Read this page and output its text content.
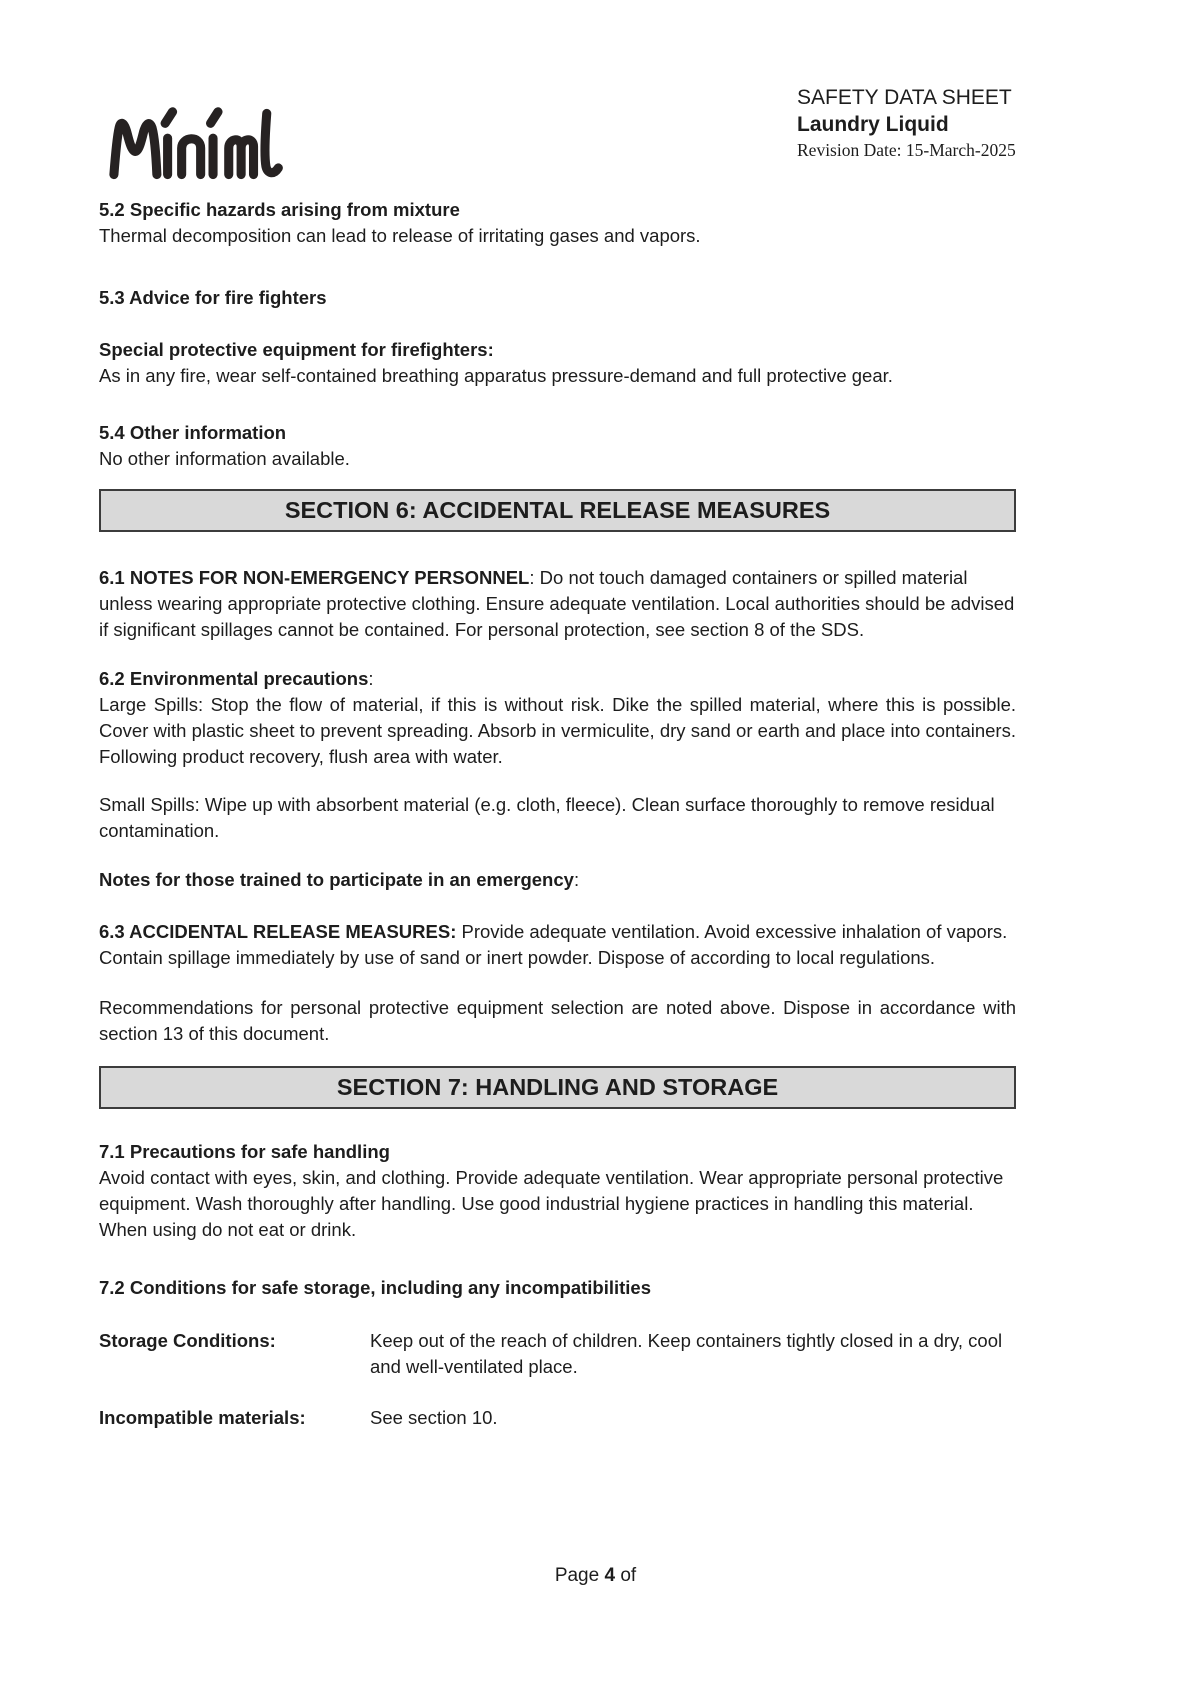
SAFETY DATA SHEET
Laundry Liquid
Revision Date: 15-March-2025
5.2 Specific hazards arising from mixture

Thermal decomposition can lead to release of irritating gases and vapors.

5.3 Advice for fire fighters
Special protective equipment for firefighters:

As in any fire, wear self-contained breathing apparatus pressure-demand and full protective gear.

5.4 Other information

No other information available.

SECTION 6: ACCIDENTAL RELEASE MEASURES

6.1 NOTES FOR NON-EMERGENCY PERSONNEL: Do not touch damaged containers or spilled material unless wearing appropriate protective clothing. Ensure adequate ventilation. Local authorities should be advised if significant spillages cannot be contained. For personal protection, see section 8 of the SDS.

6.2 Environmental precautions:

Large Spills: Stop the flow of material, if this is without risk. Dike the spilled material, where this is possible. Cover with plastic sheet to prevent spreading. Absorb in vermiculite, dry sand or earth and place into containers. Following product recovery, flush area with water.

Small Spills: Wipe up with absorbent material (e.g. cloth, fleece). Clean surface thoroughly to remove residual contamination.

Notes for those trained to participate in an emergency:

6.3 ACCIDENTAL RELEASE MEASURES: Provide adequate ventilation. Avoid excessive inhalation of vapors. Contain spillage immediately by use of sand or inert powder. Dispose of according to local regulations.

Recommendations for personal protective equipment selection are noted above. Dispose in accordance with section 13 of this document.

SECTION 7: HANDLING AND STORAGE
7.1 Precautions for safe handling

Avoid contact with eyes, skin, and clothing. Provide adequate ventilation. Wear appropriate personal protective equipment. Wash thoroughly after handling. Use good industrial hygiene practices in handling this material. When using do not eat or drink.

7.2 Conditions for safe storage, including any incompatibilities
Storage Conditions:	Keep out of the reach of children. Keep containers tightly closed in a dry, cool and well-ventilated place.
Incompatible materials:	See section 10.
Page 4 of
